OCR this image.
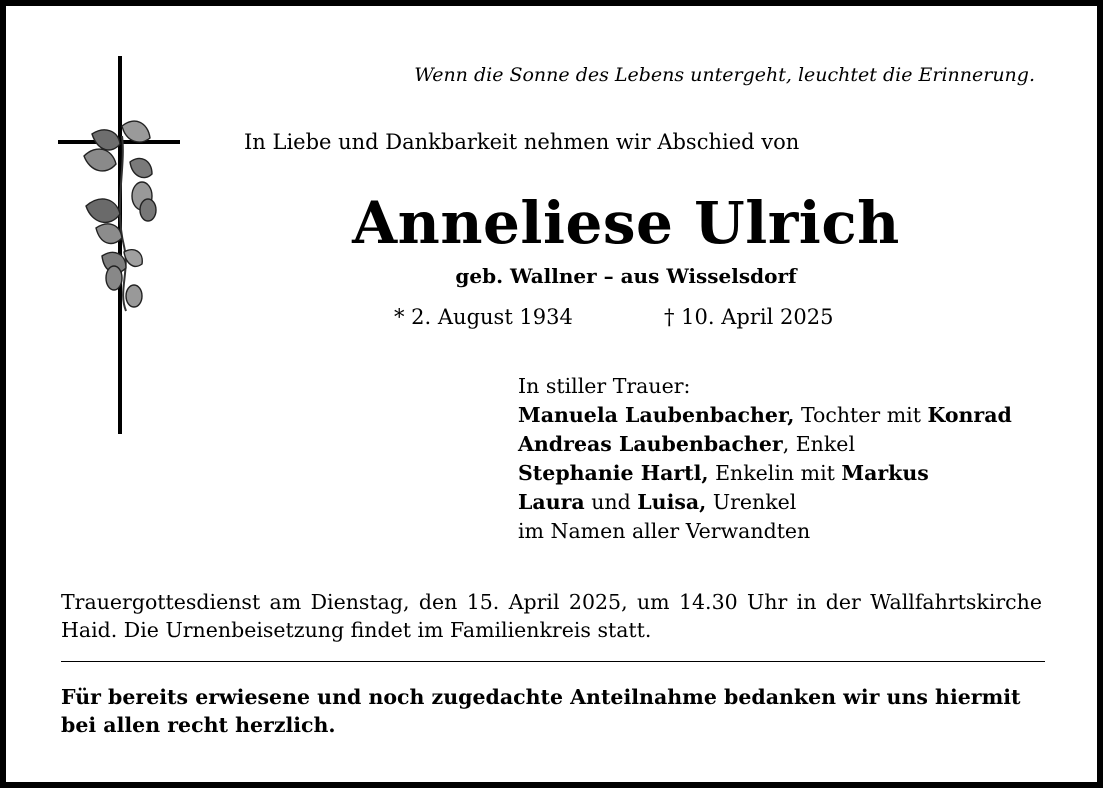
Wenn die Sonne des Lebens untergeht, leuchtet die Erinnerung.
In Liebe und Dankbarkeit nehmen wir Abschied von
Anneliese Ulrich
geb. Wallner – aus Wisselsdorf
* 2. August 1934	† 10. April 2025
In stiller Trauer:
Manuela Laubenbacher, Tochter mit Konrad
Andreas Laubenbacher, Enkel
Stephanie Hartl, Enkelin mit Markus
Laura und Luisa, Urenkel
im Namen aller Verwandten
Trauergottesdienst am Dienstag, den 15. April 2025, um 14.30 Uhr in der Wallfahrtskirche Haid. Die Urnenbeisetzung findet im Familienkreis statt.
Für bereits erwiesene und noch zugedachte Anteilnahme bedanken wir uns hiermit bei allen recht herzlich.
